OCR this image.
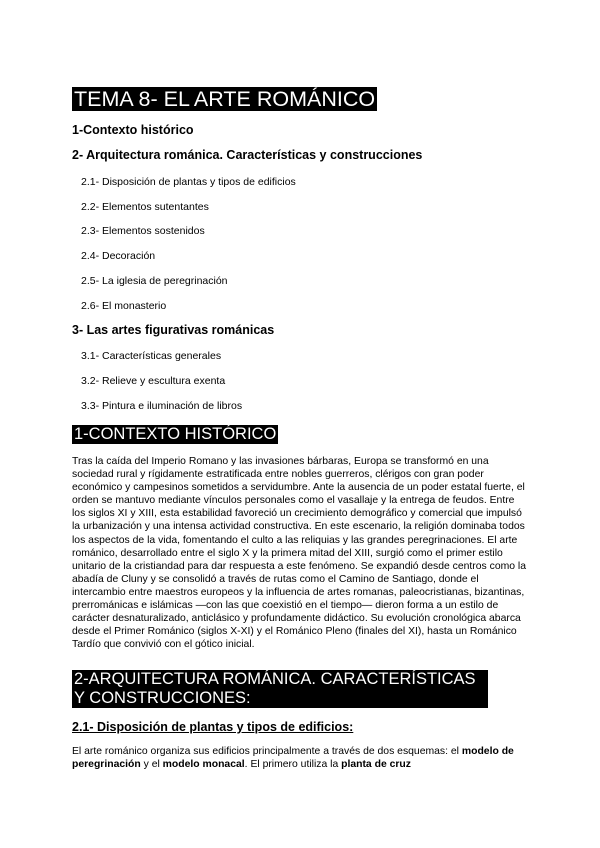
TEMA 8- EL ARTE ROMÁNICO

1-Contexto histórico

2- Arquitectura románica. Características y construcciones

2.1- Disposición de plantas y tipos de edificios

2.2- Elementos sutentantes

2.3- Elementos sostenidos

2.4- Decoración

2.5- La iglesia de peregrinación

2.6- El monasterio

3- Las artes figurativas románicas

3.1- Características generales

3.2- Relieve y escultura exenta

3.3- Pintura e iluminación de libros

1-CONTEXTO HISTÓRICO

Tras la caída del Imperio Romano y las invasiones bárbaras, Europa se transformó en una sociedad rural y rígidamente estratificada entre nobles guerreros, clérigos con gran poder económico y campesinos sometidos a servidumbre. Ante la ausencia de un poder estatal fuerte, el orden se mantuvo mediante vínculos personales como el vasallaje y la entrega de feudos. Entre los siglos XI y XIII, esta estabilidad favoreció un crecimiento demográfico y comercial que impulsó la urbanización y una intensa actividad constructiva. En este escenario, la religión dominaba todos los aspectos de la vida, fomentando el culto a las reliquias y las grandes peregrinaciones. El arte románico, desarrollado entre el siglo X y la primera mitad del XIII, surgió como el primer estilo unitario de la cristiandad para dar respuesta a este fenómeno. Se expandió desde centros como la abadía de Cluny y se consolidó a través de rutas como el Camino de Santiago, donde el intercambio entre maestros europeos y la influencia de artes romanas, paleocristianas, bizantinas, prerrománicas e islámicas —con las que coexistió en el tiempo— dieron forma a un estilo de carácter desnaturalizado, anticlásico y profundamente didáctico. Su evolución cronológica abarca desde el Primer Románico (siglos X-XI) y el Románico Pleno (finales del XI), hasta un Románico Tardío que convivió con el gótico inicial.

2-ARQUITECTURA ROMÁNICA. CARACTERÍSTICAS Y CONSTRUCCIONES:

2.1- Disposición de plantas y tipos de edificios:

El arte románico organiza sus edificios principalmente a través de dos esquemas: el modelo de peregrinación y el modelo monacal. El primero utiliza la planta de cruz
